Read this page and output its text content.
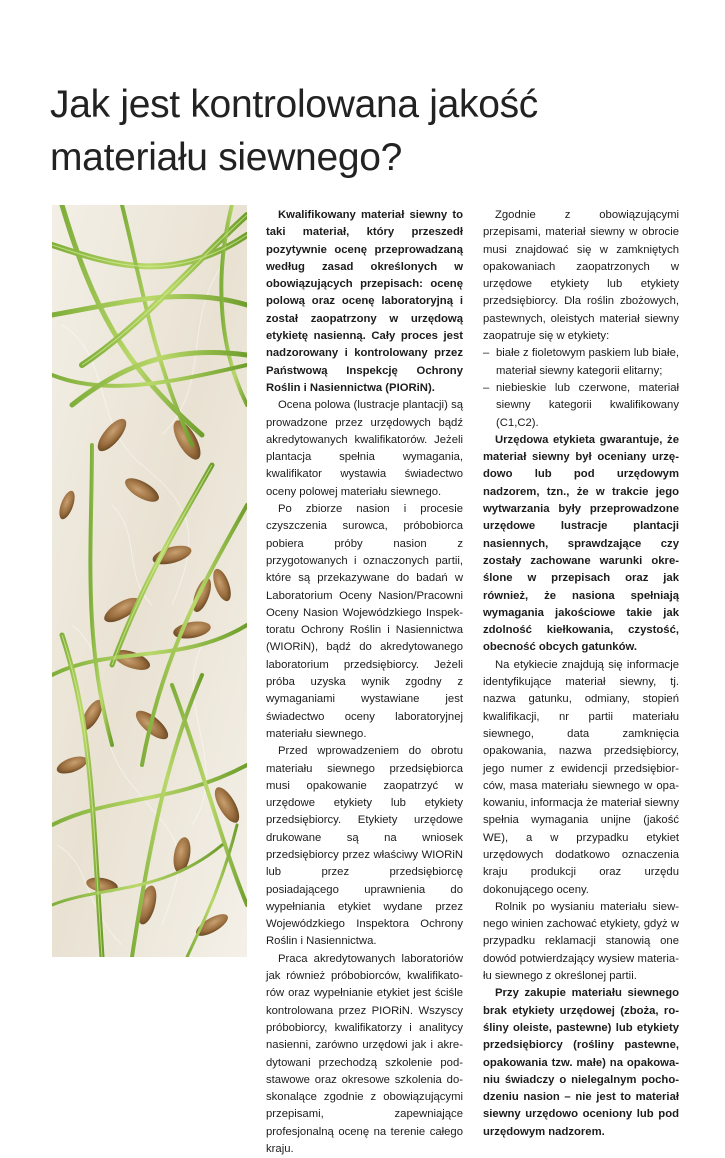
Jak jest kontrolowana jakość
materiału siewnego?

Kwalifikowany materiał siewny to taki materiał, który przeszedł pozytywnie ocenę przeprowadzaną według zasad określonych w obowiązujących przepisach: ocenę polową oraz ocenę laboratoryjną i został zaopatrzony w urzędową etykietę nasienną. Cały proces jest nadzorowany i kontrolowany przez Państwową Inspekcję Ochrony Roślin i Nasiennictwa (PIORiN).

Ocena polowa (lustracje plantacji) są prowadzone przez urzędowych bądź akredytowanych kwalifikatorów. Jeżeli plantacja spełnia wymagania, kwalifikator wystawia świadectwo oceny polowej materiału siewnego.

Po zbiorze nasion i procesie czyszczenia surowca, próbobiorca pobiera próby nasion z przygotowanych i oznaczonych partii, które są przekazywane do badań w Laboratorium Oceny Nasion/Pracowni Oceny Nasion Wojewódzkiego Inspektoratu Ochrony Roślin i Nasiennictwa (WIORiN), bądź do akredytowanego laboratorium przedsiębiorcy. Jeżeli próba uzyska wynik zgodny z wymaganiami wystawiane jest świadectwo oceny laboratoryjnej materiału siewnego.

Przed wprowadzeniem do obrotu materiału siewnego przedsiębiorca musi opakowanie zaopatrzyć w urzędowe etykiety lub etykiety przedsiębiorcy. Etykiety urzędowe drukowane są na wniosek przedsiębiorcy przez właściwy WIORiN lub przez przedsiębiorcę posiadającego uprawnienia do wypełniania etykiet wydane przez Wojewódzkiego Inspektora Ochrony Roślin i Nasiennictwa.

Praca akredytowanych laboratoriów jak również próbobiorców, kwalifikatorów oraz wypełnianie etykiet jest ściśle kontrolowana przez PIORiN. Wszyscy próbobiorcy, kwalifikatorzy i analitycy nasienni, zarówno urzędowi jak i akredytowani przechodzą szkolenie podstawowe oraz okresowe szkolenia doskonalące zgodnie z obowiązującymi przepisami, zapewniające profesjonalną ocenę na terenie całego kraju.

Zgodnie z obowiązującymi przepisami, materiał siewny w obrocie musi znajdować się w zamkniętych opakowaniach zaopatrzonych w urzędowe etykiety lub etykiety przedsiębiorcy. Dla roślin zbożowych, pastewnych, oleistych materiał siewny zaopatruje się w etykiety:

– białe z fioletowym paskiem lub białe, materiał siewny kategorii elitarny;
– niebieskie lub czerwone, materiał siewny kategorii kwalifikowany (C1,C2).

Urzędowa etykieta gwarantuje, że materiał siewny był oceniany urzędowo lub pod urzędowym nadzorem, tzn., że w trakcie jego wytwarzania były przeprowadzone urzędowe lustracje plantacji nasiennych, sprawdzające czy zostały zachowane warunki określone w przepisach oraz jak również, że nasiona spełniają wymagania jakościowe takie jak zdolność kiełkowania, czystość, obecność obcych gatunków.

Na etykiecie znajdują się informacje identyfikujące materiał siewny, tj. nazwa gatunku, odmiany, stopień kwalifikacji, nr partii materiału siewnego, data zamknięcia opakowania, nazwa przedsiębiorcy, jego numer z ewidencji przedsiębiorców, masa materiału siewnego w opakowaniu, informacja że materiał siewny spełnia wymagania unijne (jakość WE), a w przypadku etykiet urzędowych dodatkowo oznaczenia kraju produkcji oraz urzędu dokonującego oceny.

Rolnik po wysianiu materiału siewnego winien zachować etykiety, gdyż w przypadku reklamacji stanowią one dowód potwierdzający wysiew materiału siewnego z określonej partii.

Przy zakupie materiału siewnego brak etykiety urzędowej (zboża, rośliny oleiste, pastewne) lub etykiety przedsiębiorcy (rośliny pastewne, opakowania tzw. małe) na opakowaniu świadczy o nielegalnym pochodzeniu nasion – nie jest to materiał siewny urzędowo oceniony lub pod urzędowym nadzorem.
